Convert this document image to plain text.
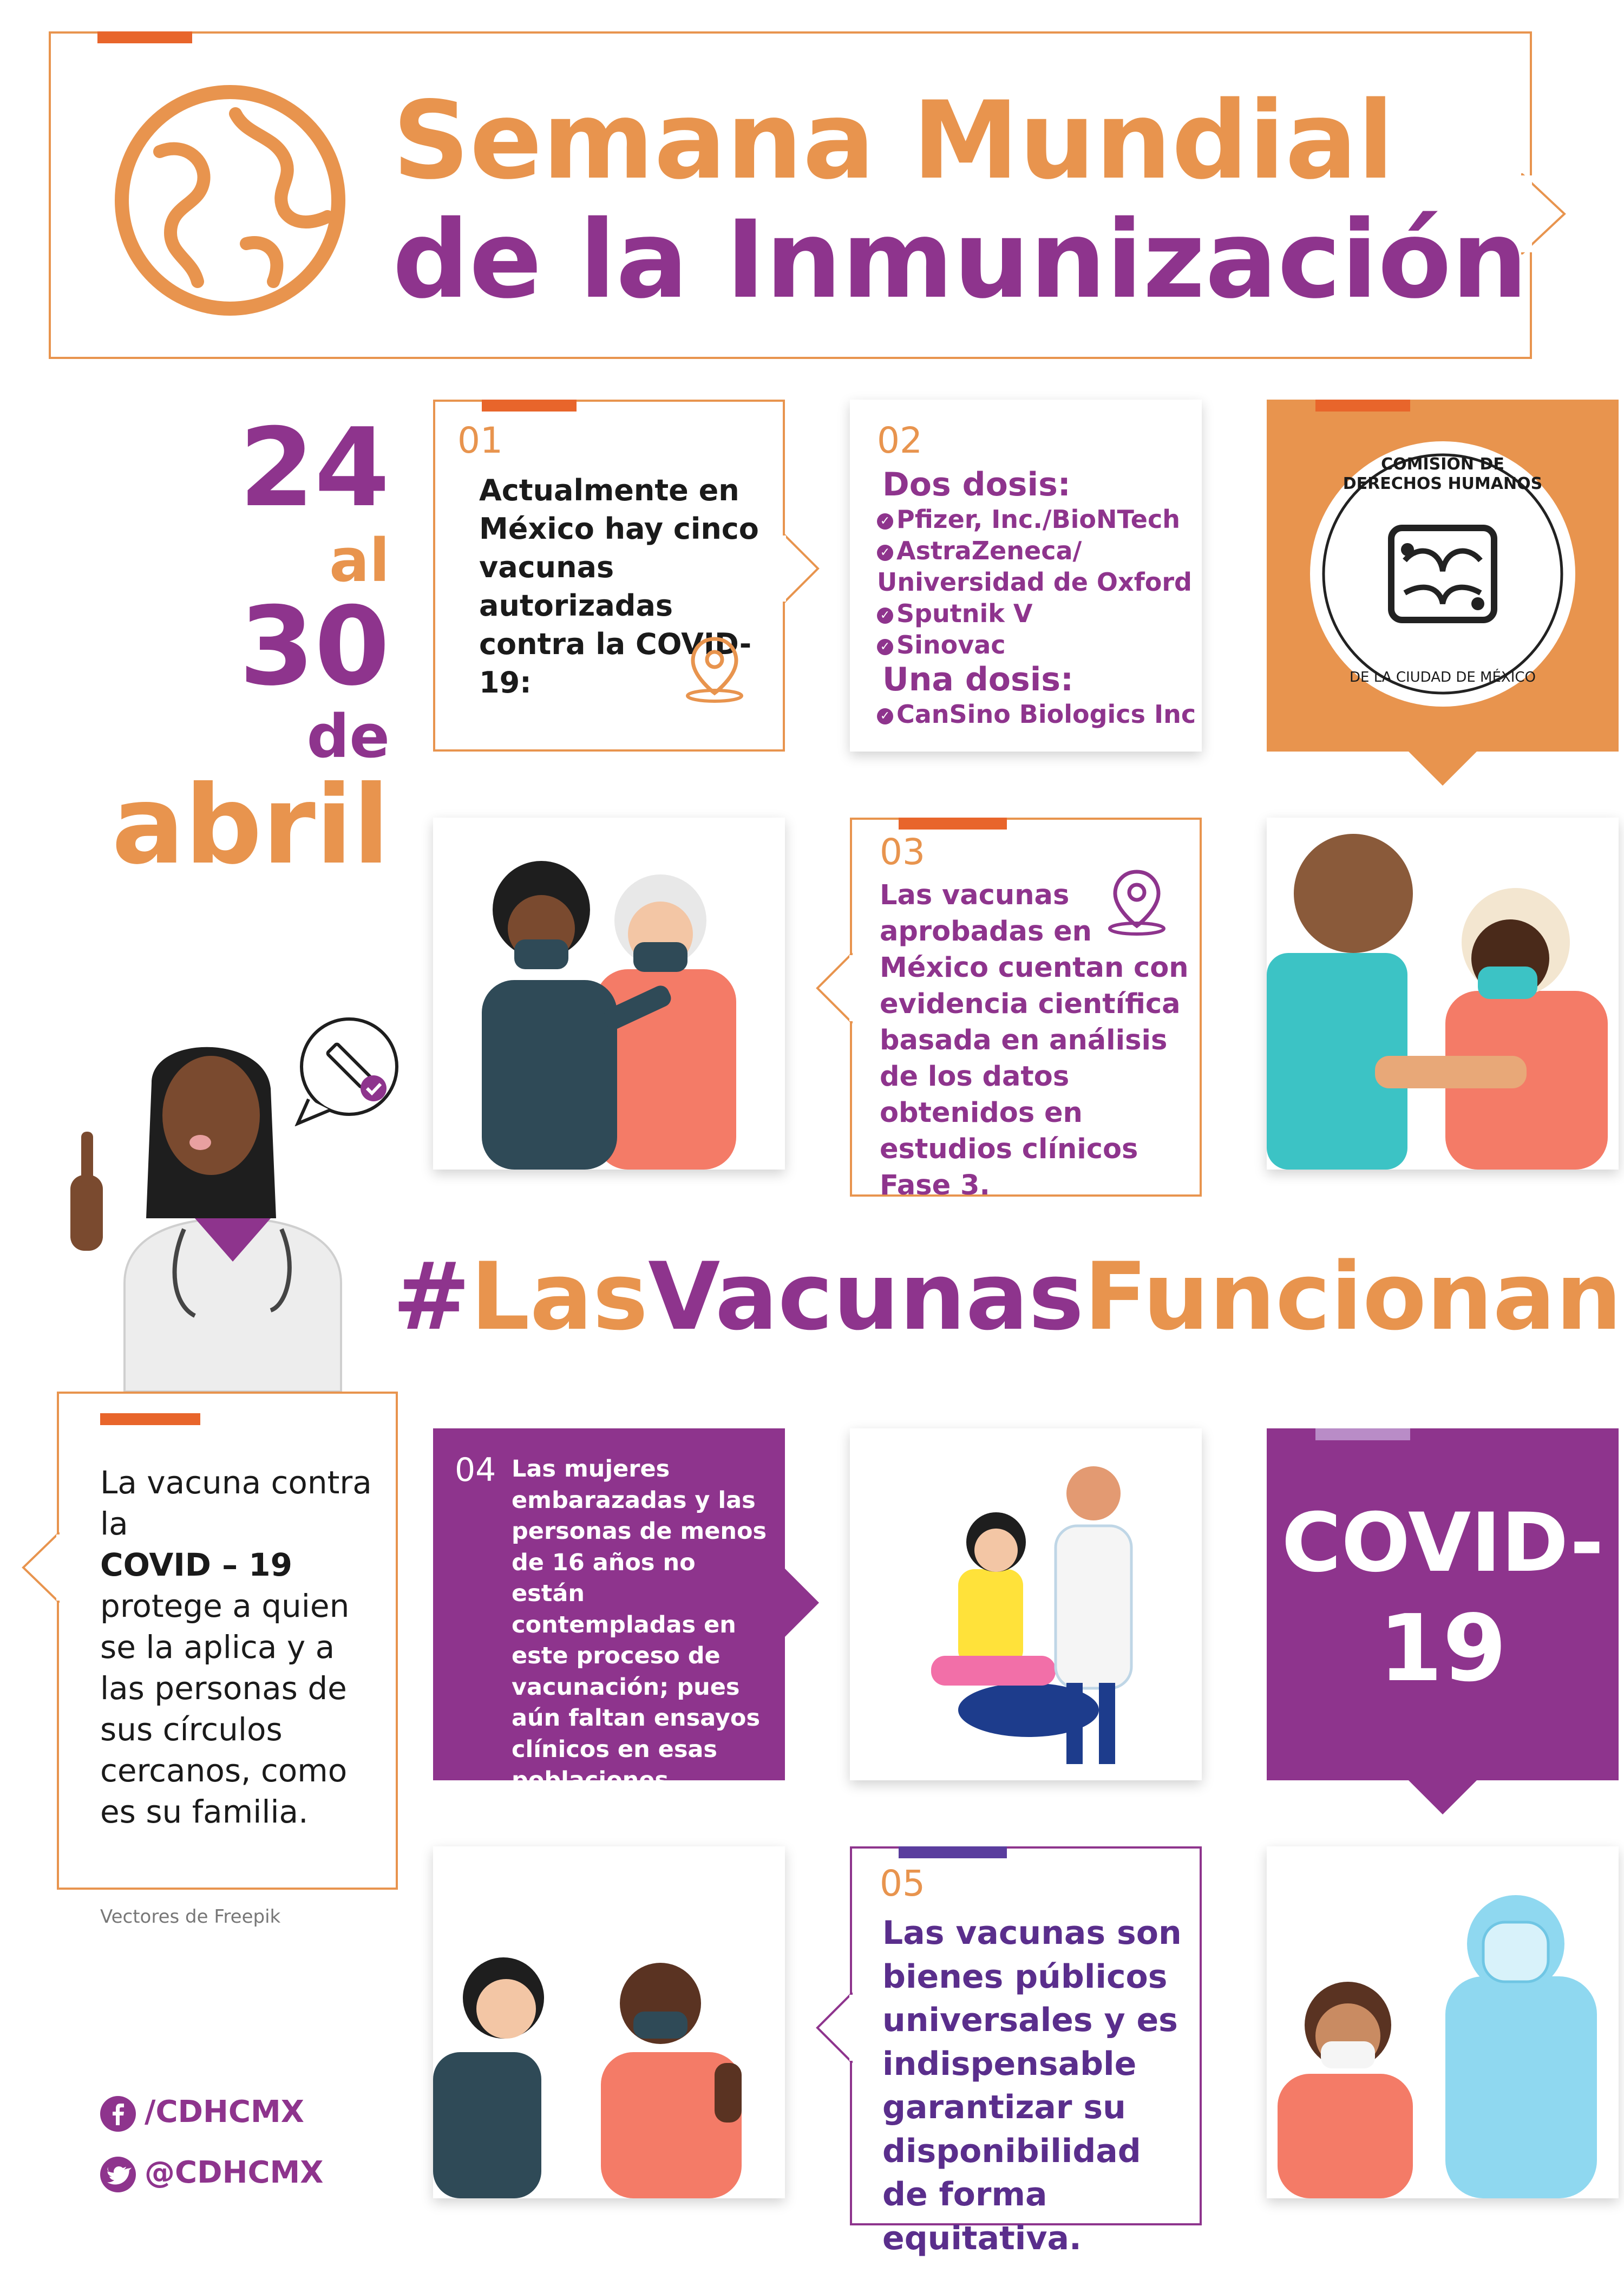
Semana Mundial
de la Inmunización
24
al
30
de
abril
01
Actualmente en México hay cinco vacunas autorizadas contra la COVID-19:
02
Dos dosis:
✓ Pfizer, Inc./BioNTech
✓ AstraZeneca/ Universidad de Oxford
✓ Sputnik V
✓ Sinovac
Una dosis:
✓ CanSino Biologics Inc
COMISIÓN DE DERECHOS HUMANOS
DE LA CIUDAD DE MÉXICO
03
Las vacunas aprobadas en México cuentan con evidencia científica basada en análisis de los datos obtenidos en estudios clínicos Fase 3.
#LasVacunasFuncionan
La vacuna contra la
COVID – 19
protege a quien se la aplica y a las personas de sus círculos cercanos, como es su familia.
Vectores de Freepik
04 Las mujeres embarazadas y las personas de menos de 16 años no están contempladas en este proceso de vacunación; pues aún faltan ensayos clínicos en esas poblaciones.
COVID-
19
05
Las vacunas son bienes públicos universales y es indispensable garantizar su disponibilidad de forma equitativa.
/CDHCMX
@CDHCMX
